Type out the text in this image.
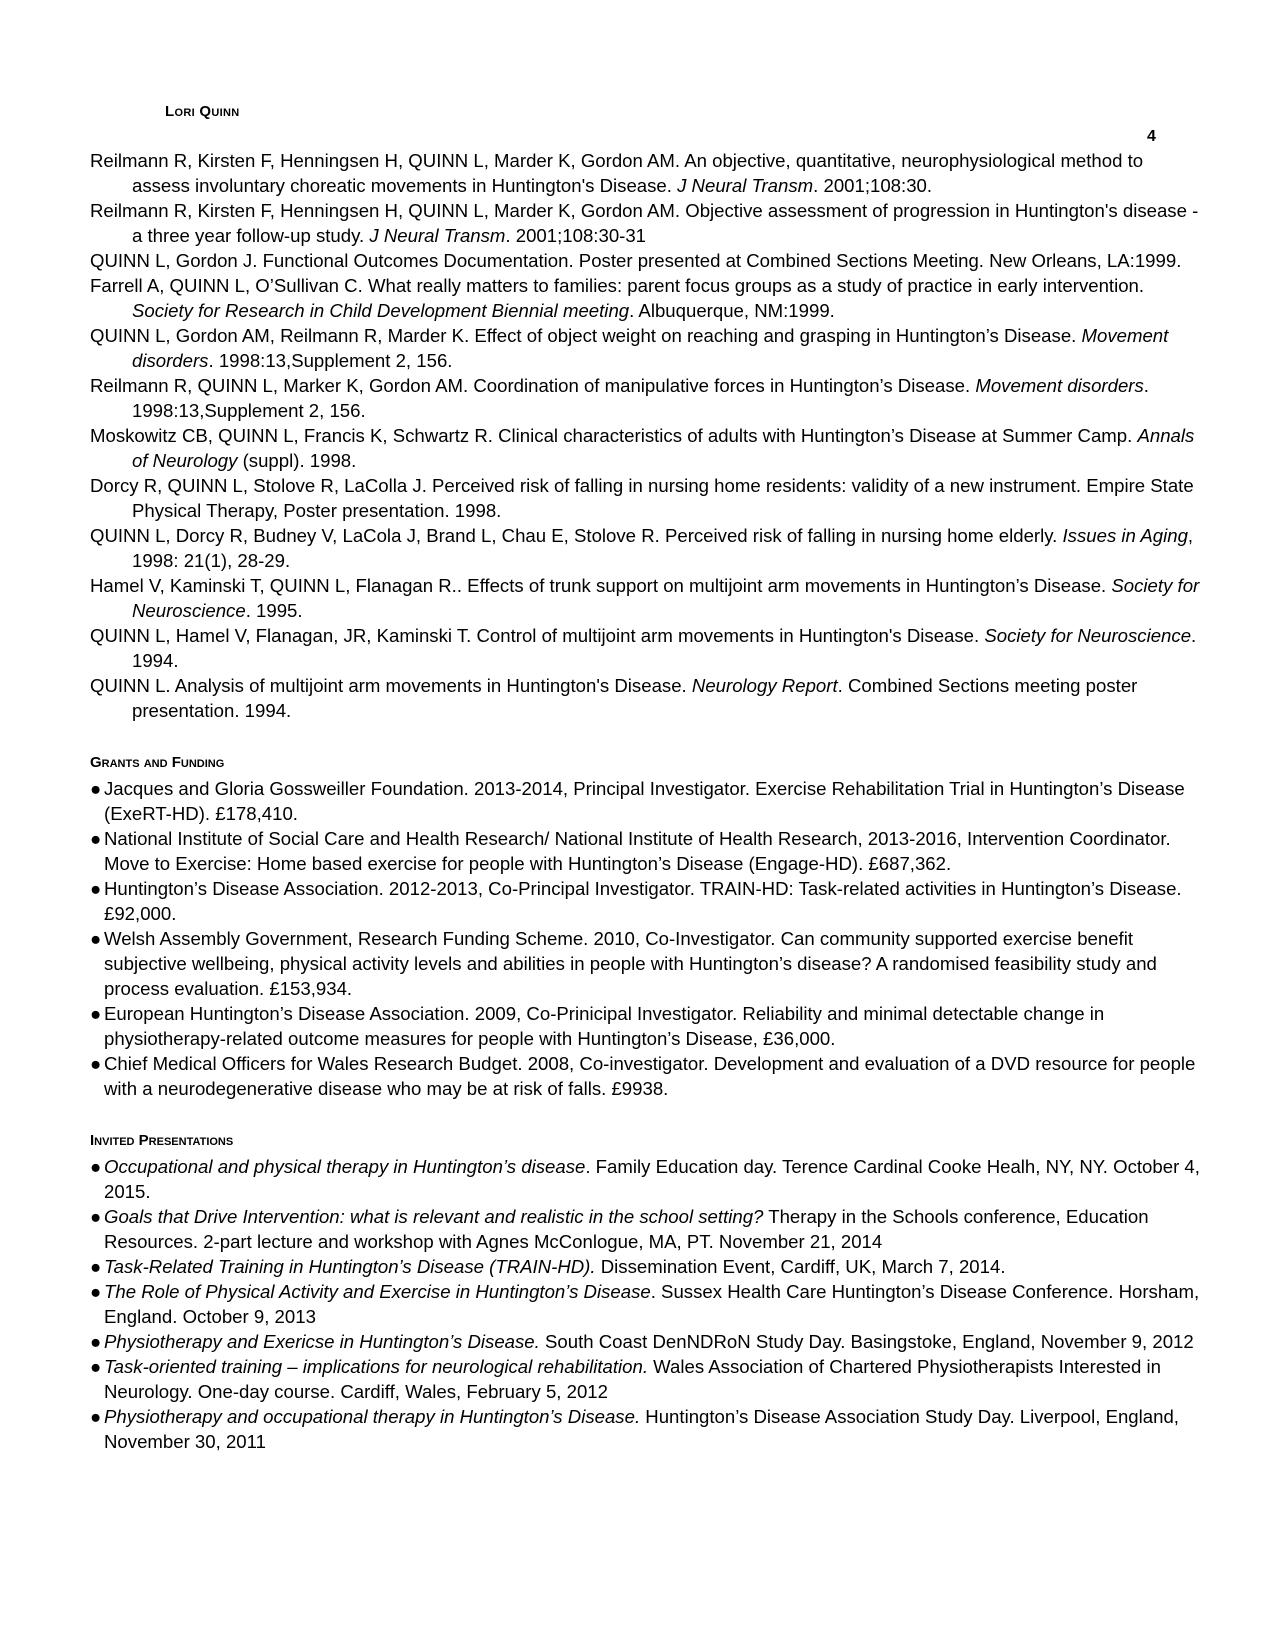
Lori Quinn
4
Reilmann R, Kirsten F, Henningsen H, QUINN L, Marder K, Gordon AM. An objective, quantitative, neurophysiological method to assess involuntary choreatic movements in Huntington's Disease. J Neural Transm. 2001;108:30.
Reilmann R, Kirsten F, Henningsen H, QUINN L, Marder K, Gordon AM. Objective assessment of progression in Huntington's disease - a three year follow-up study. J Neural Transm. 2001;108:30-31
QUINN L, Gordon J. Functional Outcomes Documentation. Poster presented at Combined Sections Meeting. New Orleans, LA:1999.
Farrell A, QUINN L, O’Sullivan C. What really matters to families: parent focus groups as a study of practice in early intervention. Society for Research in Child Development Biennial meeting. Albuquerque, NM:1999.
QUINN L, Gordon AM, Reilmann R, Marder K. Effect of object weight on reaching and grasping in Huntington’s Disease. Movement disorders. 1998:13,Supplement 2, 156.
Reilmann R, QUINN L, Marker K, Gordon AM. Coordination of manipulative forces in Huntington’s Disease. Movement disorders. 1998:13,Supplement 2, 156.
Moskowitz CB, QUINN L, Francis K, Schwartz R. Clinical characteristics of adults with Huntington’s Disease at Summer Camp. Annals of Neurology (suppl). 1998.
Dorcy R, QUINN L, Stolove R, LaColla J. Perceived risk of falling in nursing home residents: validity of a new instrument. Empire State Physical Therapy, Poster presentation. 1998.
QUINN L, Dorcy R, Budney V, LaCola J, Brand L, Chau E, Stolove R. Perceived risk of falling in nursing home elderly. Issues in Aging, 1998: 21(1), 28-29.
Hamel V, Kaminski T, QUINN L, Flanagan R.. Effects of trunk support on multijoint arm movements in Huntington’s Disease. Society for Neuroscience. 1995.
QUINN L, Hamel V, Flanagan, JR, Kaminski T. Control of multijoint arm movements in Huntington's Disease. Society for Neuroscience. 1994.
QUINN L. Analysis of multijoint arm movements in Huntington's Disease. Neurology Report. Combined Sections meeting poster presentation. 1994.
Grants and Funding
● Jacques and Gloria Gossweiller Foundation. 2013-2014, Principal Investigator. Exercise Rehabilitation Trial in Huntington’s Disease (ExeRT-HD). £178,410.
● National Institute of Social Care and Health Research/ National Institute of Health Research, 2013-2016, Intervention Coordinator. Move to Exercise: Home based exercise for people with Huntington’s Disease (Engage-HD). £687,362.
● Huntington’s Disease Association. 2012-2013, Co-Principal Investigator. TRAIN-HD: Task-related activities in Huntington’s Disease. £92,000.
● Welsh Assembly Government, Research Funding Scheme. 2010, Co-Investigator. Can community supported exercise benefit subjective wellbeing, physical activity levels and abilities in people with Huntington’s disease? A randomised feasibility study and process evaluation. £153,934.
● European Huntington’s Disease Association. 2009, Co-Prinicipal Investigator. Reliability and minimal detectable change in physiotherapy-related outcome measures for people with Huntington’s Disease, £36,000.
● Chief Medical Officers for Wales Research Budget. 2008, Co-investigator. Development and evaluation of a DVD resource for people with a neurodegenerative disease who may be at risk of falls. £9938.
Invited Presentations
● Occupational and physical therapy in Huntington’s disease. Family Education day. Terence Cardinal Cooke Healh, NY, NY. October 4, 2015.
● Goals that Drive Intervention: what is relevant and realistic in the school setting? Therapy in the Schools conference, Education Resources. 2-part lecture and workshop with Agnes McConlogue, MA, PT. November 21, 2014
● Task-Related Training in Huntington’s Disease (TRAIN-HD). Dissemination Event, Cardiff, UK, March 7, 2014.
● The Role of Physical Activity and Exercise in Huntington’s Disease. Sussex Health Care Huntington’s Disease Conference. Horsham, England. October 9, 2013
● Physiotherapy and Exericse in Huntington’s Disease. South Coast DenNDRoN Study Day. Basingstoke, England, November 9, 2012
● Task-oriented training – implications for neurological rehabilitation. Wales Association of Chartered Physiotherapists Interested in Neurology. One-day course. Cardiff, Wales, February 5, 2012
● Physiotherapy and occupational therapy in Huntington’s Disease. Huntington’s Disease Association Study Day. Liverpool, England, November 30, 2011
